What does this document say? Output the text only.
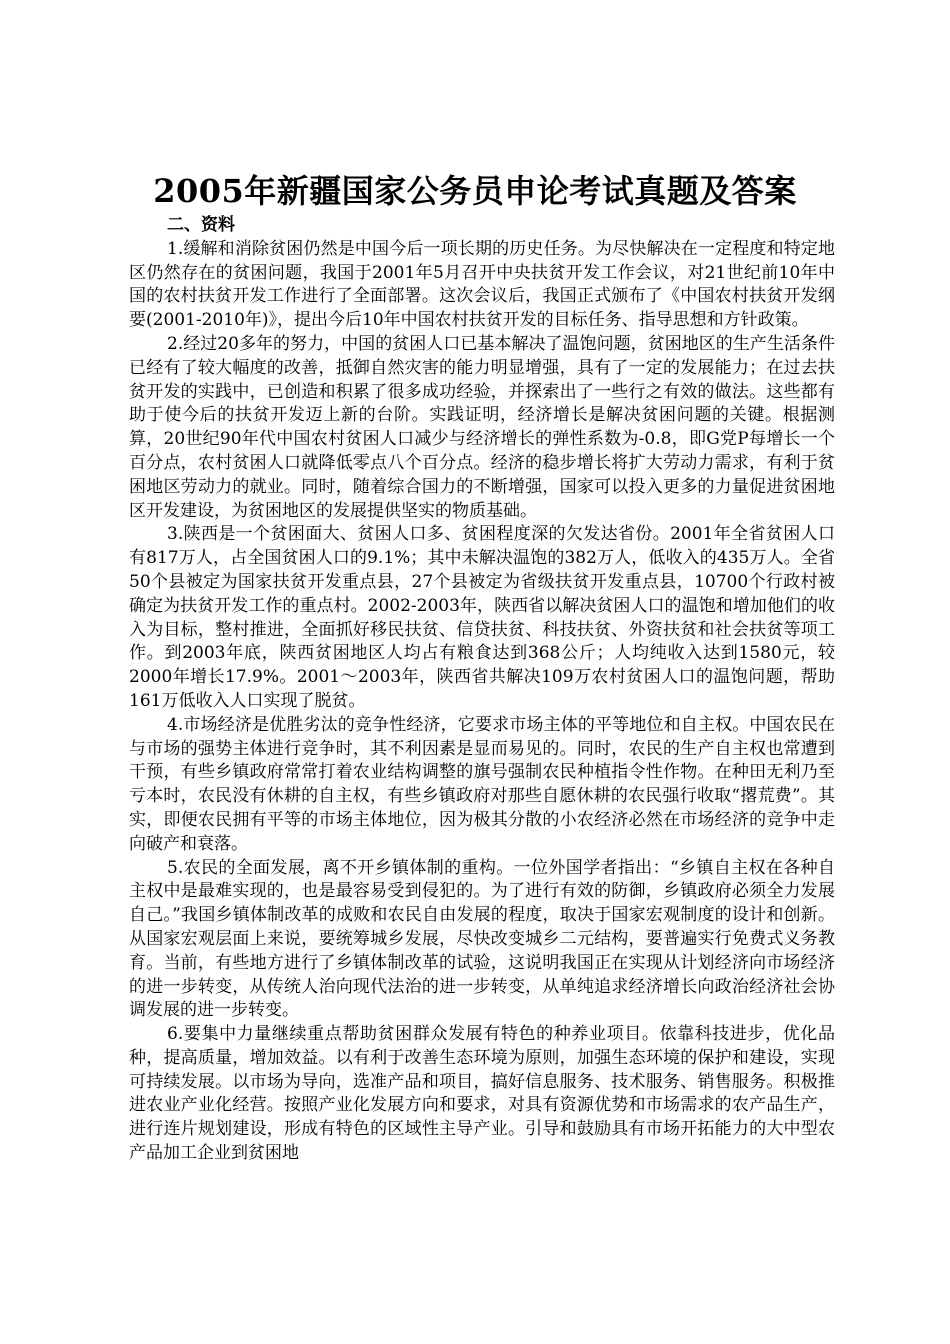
2005年新疆国家公务员申论考试真题及答案

二、资料

1.缓解和消除贫困仍然是中国今后一项长期的历史任务。为尽快解决在一定程度和特定地区仍然存在的贫困问题，我国于2001年5月召开中央扶贫开发工作会议，对21世纪前10年中国的农村扶贫开发工作进行了全面部署。这次会议后，我国正式颁布了《中国农村扶贫开发纲要(2001-2010年)》，提出今后10年中国农村扶贫开发的目标任务、指导思想和方针政策。

2.经过20多年的努力，中国的贫困人口已基本解决了温饱问题，贫困地区的生产生活条件已经有了较大幅度的改善，抵御自然灾害的能力明显增强，具有了一定的发展能力；在过去扶贫开发的实践中，已创造和积累了很多成功经验，并探索出了一些行之有效的做法。这些都有助于使今后的扶贫开发迈上新的台阶。实践证明，经济增长是解决贫困问题的关键。根据测算，20世纪90年代中国农村贫困人口减少与经济增长的弹性系数为-0.8，即G党P每增长一个百分点，农村贫困人口就降低零点八个百分点。经济的稳步增长将扩大劳动力需求，有利于贫困地区劳动力的就业。同时，随着综合国力的不断增强，国家可以投入更多的力量促进贫困地区开发建设，为贫困地区的发展提供坚实的物质基础。

3.陕西是一个贫困面大、贫困人口多、贫困程度深的欠发达省份。2001年全省贫困人口有817万人，占全国贫困人口的9.1%；其中未解决温饱的382万人，低收入的435万人。全省50个县被定为国家扶贫开发重点县，27个县被定为省级扶贫开发重点县，10700个行政村被确定为扶贫开发工作的重点村。2002-2003年，陕西省以解决贫困人口的温饱和增加他们的收入为目标，整村推进，全面抓好移民扶贫、信贷扶贫、科技扶贫、外资扶贫和社会扶贫等项工作。到2003年底，陕西贫困地区人均占有粮食达到368公斤；人均纯收入达到1580元，较2000年增长17.9%。2001～2003年，陕西省共解决109万农村贫困人口的温饱问题，帮助161万低收入人口实现了脱贫。

4.市场经济是优胜劣汰的竞争性经济，它要求市场主体的平等地位和自主权。中国农民在与市场的强势主体进行竞争时，其不利因素是显而易见的。同时，农民的生产自主权也常遭到干预，有些乡镇政府常常打着农业结构调整的旗号强制农民种植指令性作物。在种田无利乃至亏本时，农民没有休耕的自主权，有些乡镇政府对那些自愿休耕的农民强行收取“撂荒费”。其实，即便农民拥有平等的市场主体地位，因为极其分散的小农经济必然在市场经济的竞争中走向破产和衰落。

5.农民的全面发展，离不开乡镇体制的重构。一位外国学者指出：“乡镇自主权在各种自主权中是最难实现的，也是最容易受到侵犯的。为了进行有效的防御，乡镇政府必须全力发展自己。”我国乡镇体制改革的成败和农民自由发展的程度，取决于国家宏观制度的设计和创新。从国家宏观层面上来说，要统筹城乡发展，尽快改变城乡二元结构，要普遍实行免费式义务教育。当前，有些地方进行了乡镇体制改革的试验，这说明我国正在实现从计划经济向市场经济的进一步转变，从传统人治向现代法治的进一步转变，从单纯追求经济增长向政治经济社会协调发展的进一步转变。

6.要集中力量继续重点帮助贫困群众发展有特色的种养业项目。依靠科技进步，优化品种，提高质量，增加效益。以有利于改善生态环境为原则，加强生态环境的保护和建设，实现可持续发展。以市场为导向，选准产品和项目，搞好信息服务、技术服务、销售服务。积极推进农业产业化经营。按照产业化发展方向和要求，对具有资源优势和市场需求的农产品生产，进行连片规划建设，形成有特色的区域性主导产业。引导和鼓励具有市场开拓能力的大中型农产品加工企业到贫困地
